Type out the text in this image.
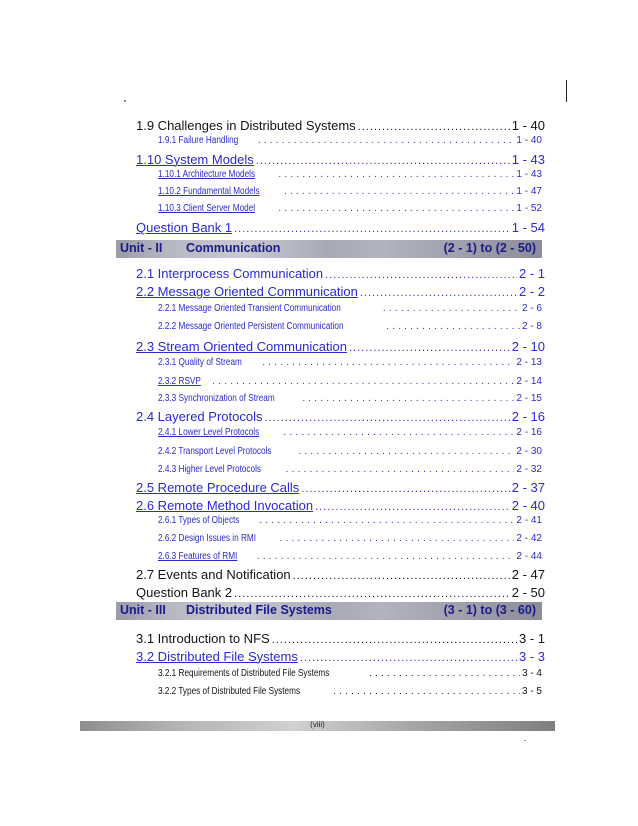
1.9 Challenges in Distributed Systems .....	1 - 40
1.9.1 Failure Handling .....	1 - 40
1.10 System Models .....	1 - 43
1.10.1 Architecture Models .....	1 - 43
1.10.2 Fundamental Models .....	1 - 47
1.10.3 Client Server Model .....	1 - 52
Question Bank 1 .....	1 - 54
2.1 Interprocess Communication .....	2 - 1
2.2 Message Oriented Communication .....	2 - 2
2.2.1 Message Oriented Transient Communication .....	2 - 6
2.2.2 Message Oriented Persistent Communication .....	2 - 8
2.3 Stream Oriented Communication .....	2 - 10
2.3.1 Quality of Stream .....	2 - 13
2.3.2 RSVP .....	2 - 14
2.3.3 Synchronization of Stream .....	2 - 15
2.4 Layered Protocols .....	2 - 16
2.4.1 Lower Level Protocols .....	2 - 16
2.4.2 Transport Level Protocols .....	2 - 30
2.4.3 Higher Level Protocols .....	2 - 32
2.5 Remote Procedure Calls .....	2 - 37
2.6 Remote Method Invocation .....	2 - 40
2.6.1 Types of Objects .....	2 - 41
2.6.2 Design Issues in RMI .....	2 - 42
2.6.3 Features of RMI .....	2 - 44
2.7 Events and Notification .....	2 - 47
Question Bank 2 .....	2 - 50
3.1 Introduction to NFS .....	3 - 1
3.2 Distributed File Systems .....	3 - 3
3.2.1 Requirements of Distributed File Systems .....	3 - 4
3.2.2 Types of Distributed File Systems .....	3 - 5
Unit - II Communication	(2 - 1) to (2 - 50)
Unit - III Distributed File Systems	(3 - 1) to (3 - 60)
(viii)
